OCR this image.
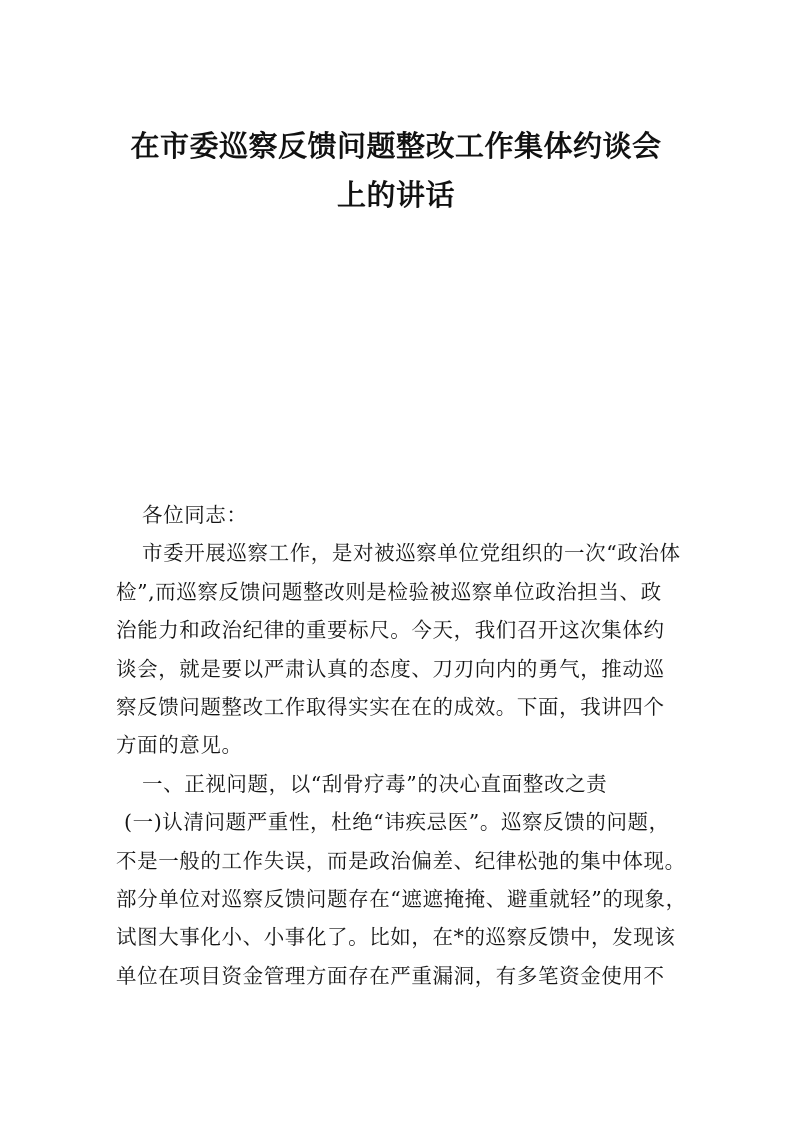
在市委巡察反馈问题整改工作集体约谈会
上的讲话
各位同志：
市委开展巡察工作，是对被巡察单位党组织的一次“政治体
检”,而巡察反馈问题整改则是检验被巡察单位政治担当、政
治能力和政治纪律的重要标尺。今天，我们召开这次集体约
谈会，就是要以严肃认真的态度、刀刃向内的勇气，推动巡
察反馈问题整改工作取得实实在在的成效。下面，我讲四个
方面的意见。
一、正视问题，以“刮骨疗毒”的决心直面整改之责
(一)认清问题严重性，杜绝“讳疾忌医”。巡察反馈的问题，
不是一般的工作失误，而是政治偏差、纪律松弛的集中体现。
部分单位对巡察反馈问题存在“遮遮掩掩、避重就轻”的现象，
试图大事化小、小事化了。比如，在*的巡察反馈中，发现该
单位在项目资金管理方面存在严重漏洞，有多笔资金使用不
